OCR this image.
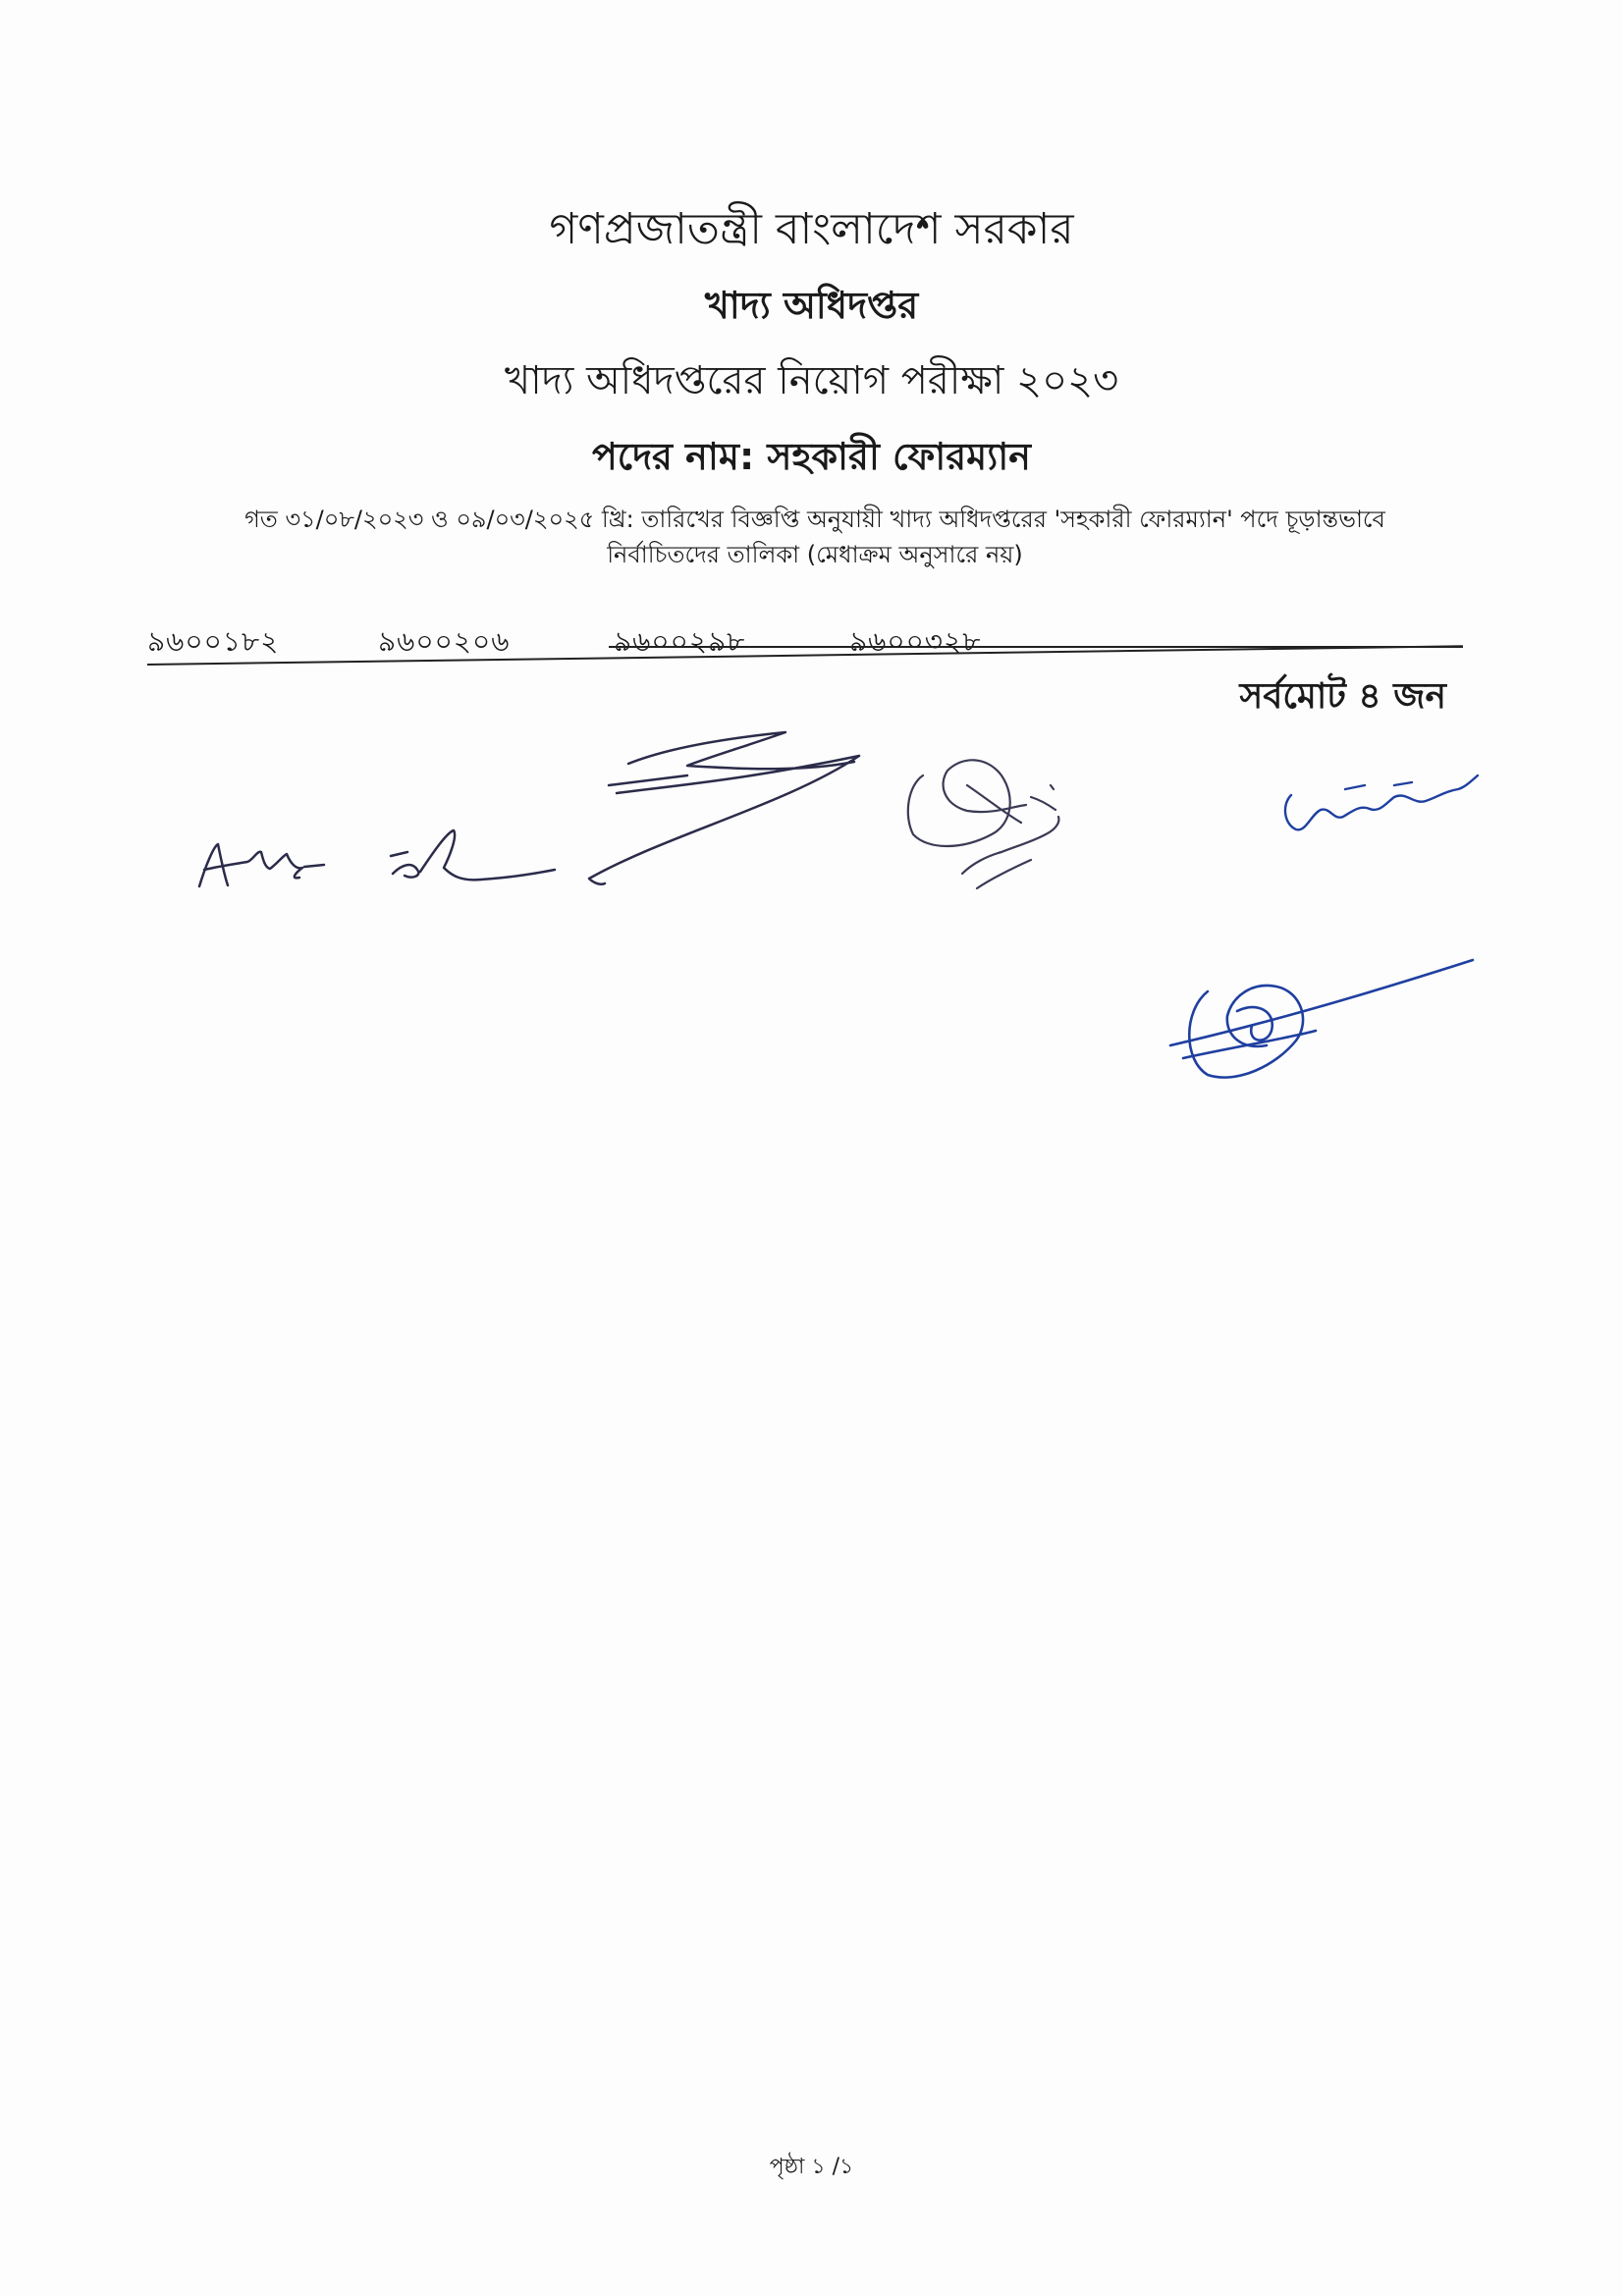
গণপ্রজাতন্ত্রী বাংলাদেশ সরকার
খাদ্য অধিদপ্তর
খাদ্য অধিদপ্তরের নিয়োগ পরীক্ষা ২০২৩
পদের নাম: সহকারী ফোরম্যান
গত ৩১/০৮/২০২৩ ও ০৯/০৩/২০২৫ খ্রি: তারিখের বিজ্ঞপ্তি অনুযায়ী খাদ্য অধিদপ্তরের 'সহকারী ফোরম্যান' পদে চূড়ান্তভাবে
নির্বাচিতদের তালিকা (মেধাক্রম অনুসারে নয়)
৯৬০০১৮২	৯৬০০২০৬	৯৬০০২৯৮	৯৬০০৩২৮
সর্বমোট ৪ জন
পৃষ্ঠা ১ /১
